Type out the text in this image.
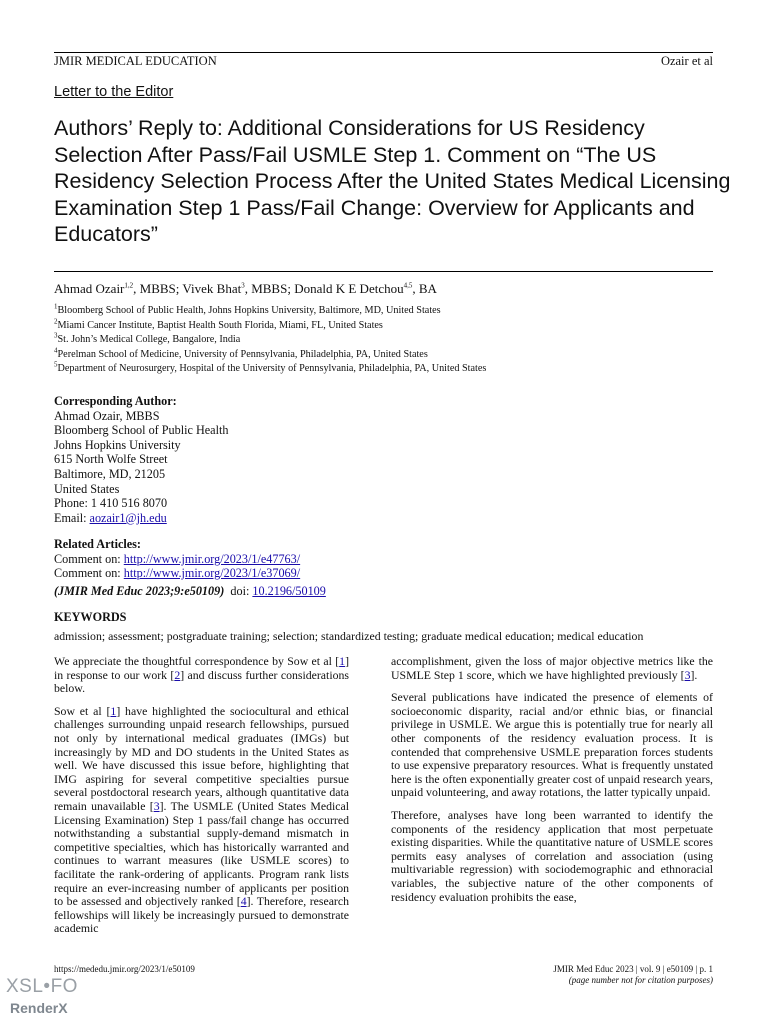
JMIR MEDICAL EDUCATION	Ozair et al
Letter to the Editor
Authors’ Reply to: Additional Considerations for US Residency Selection After Pass/Fail USMLE Step 1. Comment on “The US Residency Selection Process After the United States Medical Licensing Examination Step 1 Pass/Fail Change: Overview for Applicants and Educators”
Ahmad Ozair$^{1,2}$, MBBS; Vivek Bhat$^3$, MBBS; Donald K E Detchou$^{4,5}$, BA
$^1$Bloomberg School of Public Health, Johns Hopkins University, Baltimore, MD, United States
$^2$Miami Cancer Institute, Baptist Health South Florida, Miami, FL, United States
$^3$St. John’s Medical College, Bangalore, India
$^4$Perelman School of Medicine, University of Pennsylvania, Philadelphia, PA, United States
$^5$Department of Neurosurgery, Hospital of the University of Pennsylvania, Philadelphia, PA, United States
Corresponding Author:
Ahmad Ozair, MBBS
Bloomberg School of Public Health
Johns Hopkins University
615 North Wolfe Street
Baltimore, MD, 21205
United States
Phone: 1 410 516 8070
Email: aozair1@jh.edu
Related Articles:
Comment on: http://www.jmir.org/2023/1/e47763/
Comment on: http://www.jmir.org/2023/1/e37069/
(JMIR Med Educ 2023;9:e50109) doi: 10.2196/50109
KEYWORDS
admission; assessment; postgraduate training; selection; standardized testing; graduate medical education; medical education

We appreciate the thoughtful correspondence by Sow et al [1] in response to our work [2] and discuss further considerations below.

Sow et al [1] have highlighted the sociocultural and ethical challenges surrounding unpaid research fellowships, pursued not only by international medical graduates (IMGs) but increasingly by MD and DO students in the United States as well. We have discussed this issue before, highlighting that IMG aspiring for several competitive specialties pursue several postdoctoral research years, although quantitative data remain unavailable [3]. The USMLE (United States Medical Licensing Examination) Step 1 pass/fail change has occurred notwithstanding a substantial supply-demand mismatch in competitive specialties, which has historically warranted and continues to warrant measures (like USMLE scores) to facilitate the rank-ordering of applicants. Program rank lists require an ever-increasing number of applicants per position to be assessed and objectively ranked [4]. Therefore, research fellowships will likely be increasingly pursued to demonstrate academic

accomplishment, given the loss of major objective metrics like the USMLE Step 1 score, which we have highlighted previously [3].

Several publications have indicated the presence of elements of socioeconomic disparity, racial and/or ethnic bias, or financial privilege in USMLE. We argue this is potentially true for nearly all other components of the residency evaluation process. It is contended that comprehensive USMLE preparation forces students to use expensive preparatory resources. What is frequently unstated here is the often exponentially greater cost of unpaid research years, unpaid volunteering, and away rotations, the latter typically unpaid.

Therefore, analyses have long been warranted to identify the components of the residency application that most perpetuate existing disparities. While the quantitative nature of USMLE scores permits easy analyses of correlation and association (using multivariable regression) with sociodemographic and ethnoracial variables, the subjective nature of the other components of residency evaluation prohibits the ease,

https://mededu.jmir.org/2023/1/e50109	JMIR Med Educ 2023 | vol. 9 | e50109 | p. 1
(page number not for citation purposes)
XSL•FO
RenderX
